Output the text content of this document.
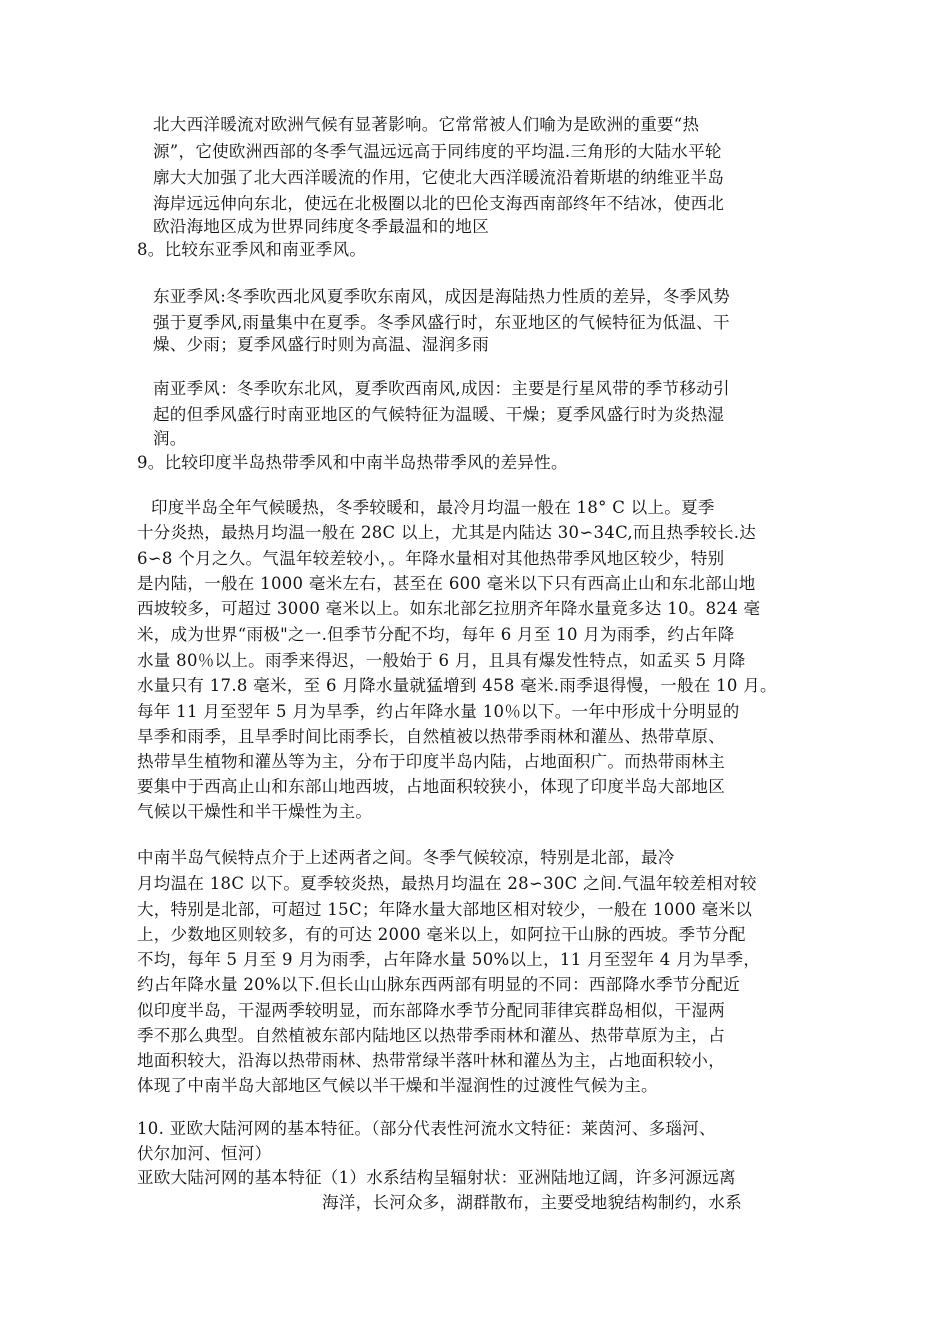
北大西洋暖流对欧洲气候有显著影响。它常常被人们喻为是欧洲的重要“热
源”，它使欧洲西部的冬季气温远远高于同纬度的平均温.三角形的大陆水平轮
廓大大加强了北大西洋暖流的作用，它使北大西洋暖流沿着斯堪的纳维亚半岛
海岸远远伸向东北，使远在北极圈以北的巴伦支海西南部终年不结冰，使西北
欧沿海地区成为世界同纬度冬季最温和的地区
8。比较东亚季风和南亚季风。
东亚季风:冬季吹西北风夏季吹东南风，成因是海陆热力性质的差异，冬季风势
强于夏季风,雨量集中在夏季。冬季风盛行时，东亚地区的气候特征为低温、干
燥、少雨；夏季风盛行时则为高温、湿润多雨
南亚季风：冬季吹东北风，夏季吹西南风,成因：主要是行星风带的季节移动引
起的但季风盛行时南亚地区的气候特征为温暖、干燥；夏季风盛行时为炎热湿
润。
9。比较印度半岛热带季风和中南半岛热带季风的差异性。
印度半岛全年气候暖热，冬季较暖和，最冷月均温一般在 18° C 以上。夏季
十分炎热，最热月均温一般在 28C 以上，尤其是内陆达 30∽34C,而且热季较长.达
6∽8 个月之久。气温年较差较小，。年降水量相对其他热带季风地区较少，特别
是内陆，一般在 1000 毫米左右，甚至在 600 毫米以下只有西高止山和东北部山地
西坡较多，可超过 3000 毫米以上。如东北部乞拉朋齐年降水量竟多达 10。824 毫
米，成为世界“雨极"之一.但季节分配不均，每年 6 月至 10 月为雨季，约占年降
水量 80％以上。雨季来得迟，一般始于 6 月，且具有爆发性特点，如孟买 5 月降
水量只有 17.8 毫米，至 6 月降水量就猛增到 458 毫米.雨季退得慢，一般在 10 月。
每年 11 月至翌年 5 月为旱季，约占年降水量 10％以下。一年中形成十分明显的
旱季和雨季，且旱季时间比雨季长，自然植被以热带季雨林和灌丛、热带草原、
热带旱生植物和灌丛等为主，分布于印度半岛内陆，占地面积广。而热带雨林主
要集中于西高止山和东部山地西坡，占地面积较狭小，体现了印度半岛大部地区
气候以干燥性和半干燥性为主。
中南半岛气候特点介于上述两者之间。冬季气候较凉，特别是北部，最冷
月均温在 18C 以下。夏季较炎热，最热月均温在 28∽30C 之间.气温年较差相对较
大，特别是北部，可超过 15C；年降水量大部地区相对较少，一般在 1000 毫米以
上，少数地区则较多，有的可达 2000 毫米以上，如阿拉干山脉的西坡。季节分配
不均，每年 5 月至 9 月为雨季，占年降水量 50%以上，11 月至翌年 4 月为旱季，
约占年降水量 20%以下.但长山山脉东西两部有明显的不同：西部降水季节分配近
似印度半岛，干湿两季较明显，而东部降水季节分配同菲律宾群岛相似，干湿两
季不那么典型。自然植被东部内陆地区以热带季雨林和灌丛、热带草原为主，占
地面积较大，沿海以热带雨林、热带常绿半落叶林和灌丛为主，占地面积较小，
体现了中南半岛大部地区气候以半干燥和半湿润性的过渡性气候为主。
10. 亚欧大陆河网的基本特征。（部分代表性河流水文特征：莱茵河、多瑙河、
伏尔加河、恒河）
亚欧大陆河网的基本特征（1）水系结构呈辐射状：亚洲陆地辽阔，许多河源远离
海洋，长河众多，湖群散布，主要受地貌结构制约，水系
